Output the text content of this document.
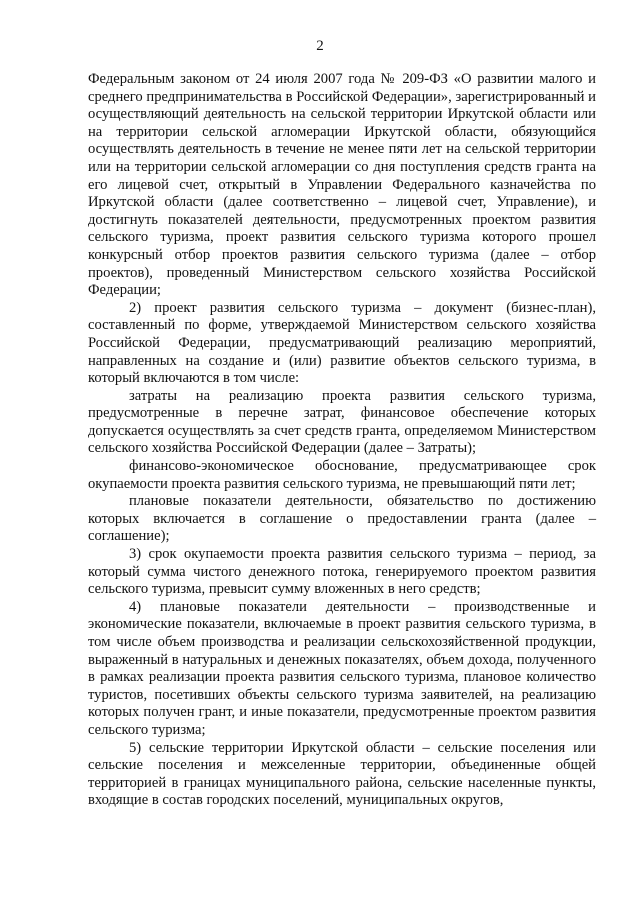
2

Федеральным законом от 24 июля 2007 года № 209-ФЗ «О развитии малого и среднего предпринимательства в Российской Федерации», зарегистрированный и осуществляющий деятельность на сельской территории Иркутской области или на территории сельской агломерации Иркутской области, обязующийся осуществлять деятельность в течение не менее пяти лет на сельской территории или на территории сельской агломерации со дня поступления средств гранта на его лицевой счет, открытый в Управлении Федерального казначейства по Иркутской области (далее соответственно – лицевой счет, Управление), и достигнуть показателей деятельности, предусмотренных проектом развития сельского туризма, проект развития сельского туризма которого прошел конкурсный отбор проектов развития сельского туризма (далее – отбор проектов), проведенный Министерством сельского хозяйства Российской Федерации;

2) проект развития сельского туризма – документ (бизнес-план), составленный по форме, утверждаемой Министерством сельского хозяйства Российской Федерации, предусматривающий реализацию мероприятий, направленных на создание и (или) развитие объектов сельского туризма, в который включаются в том числе:

затраты на реализацию проекта развития сельского туризма, предусмотренные в перечне затрат, финансовое обеспечение которых допускается осуществлять за счет средств гранта, определяемом Министерством сельского хозяйства Российской Федерации (далее – Затраты);

финансово-экономическое обоснование, предусматривающее срок окупаемости проекта развития сельского туризма, не превышающий пяти лет;

плановые показатели деятельности, обязательство по достижению которых включается в соглашение о предоставлении гранта (далее – соглашение);

3) срок окупаемости проекта развития сельского туризма – период, за который сумма чистого денежного потока, генерируемого проектом развития сельского туризма, превысит сумму вложенных в него средств;

4) плановые показатели деятельности – производственные и экономические показатели, включаемые в проект развития сельского туризма, в том числе объем производства и реализации сельскохозяйственной продукции, выраженный в натуральных и денежных показателях, объем дохода, полученного в рамках реализации проекта развития сельского туризма, плановое количество туристов, посетивших объекты сельского туризма заявителей, на реализацию которых получен грант, и иные показатели, предусмотренные проектом развития сельского туризма;

5) сельские территории Иркутской области – сельские поселения или сельские поселения и межселенные территории, объединенные общей территорией в границах муниципального района, сельские населенные пункты, входящие в состав городских поселений, муниципальных округов,
